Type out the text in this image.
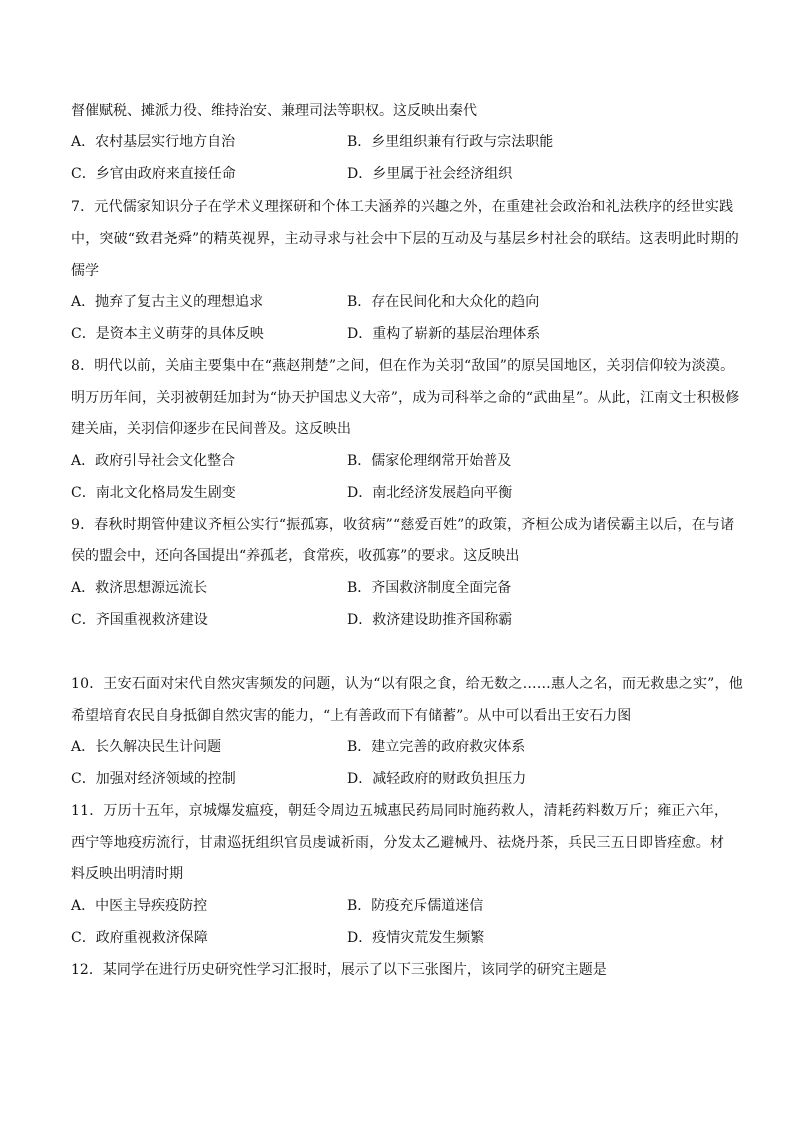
督催赋税、摊派力役、维持治安、兼理司法等职权。这反映出秦代
A．农村基层实行地方自治	B．乡里组织兼有行政与宗法职能
C．乡官由政府来直接任命	D．乡里属于社会经济组织
7．元代儒家知识分子在学术义理探研和个体工夫涵养的兴趣之外，在重建社会政治和礼法秩序的经世实践
中，突破“致君尧舜”的精英视界，主动寻求与社会中下层的互动及与基层乡村社会的联结。这表明此时期的
儒学
A．抛弃了复古主义的理想追求	B．存在民间化和大众化的趋向
C．是资本主义萌芽的具体反映	D．重构了崭新的基层治理体系
8．明代以前，关庙主要集中在“燕赵荆楚”之间，但在作为关羽“敌国”的原吴国地区，关羽信仰较为淡漠。
明万历年间，关羽被朝廷加封为“协天护国忠义大帝”，成为司科举之命的“武曲星”。从此，江南文士积极修
建关庙，关羽信仰逐步在民间普及。这反映出
A．政府引导社会文化整合	B．儒家伦理纲常开始普及
C．南北文化格局发生剧变	D．南北经济发展趋向平衡
9．春秋时期管仲建议齐桓公实行“振孤寡，收贫病”“慈爱百姓”的政策，齐桓公成为诸侯霸主以后，在与诸
侯的盟会中，还向各国提出“养孤老，食常疾，收孤寡”的要求。这反映出
A．救济思想源远流长	B．齐国救济制度全面完备
C．齐国重视救济建设	D．救济建设助推齐国称霸
10．王安石面对宋代自然灾害频发的问题，认为“以有限之食，给无数之……惠人之名，而无救患之实”，他
希望培育农民自身抵御自然灾害的能力，“上有善政而下有储蓄”。从中可以看出王安石力图
A．长久解决民生计问题	B．建立完善的政府救灾体系
C．加强对经济领域的控制	D．减轻政府的财政负担压力
11．万历十五年，京城爆发瘟疫，朝廷令周边五城惠民药局同时施药救人，清耗药料数万斤；雍正六年，
西宁等地疫疠流行，甘肃巡抚组织官员虔诚祈雨，分发太乙避械丹、祛烧丹茶，兵民三五日即皆痊愈。材
料反映出明清时期
A．中医主导疾疫防控	B．防疫充斥儒道迷信
C．政府重视救济保障	D．疫情灾荒发生频繁
12．某同学在进行历史研究性学习汇报时，展示了以下三张图片，该同学的研究主题是
